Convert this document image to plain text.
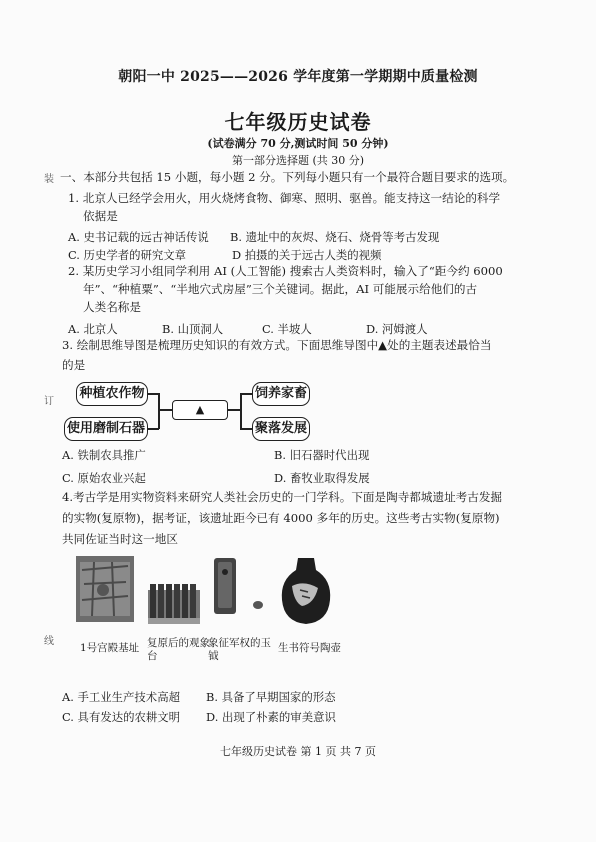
朝阳一中 2025——2026 学年度第一学期期中质量检测
七年级历史试卷
(试卷满分 70 分,测试时间 50 分钟)
第一部分选择题 (共 30 分)
装
订
线
一、本部分共包括 15 小题，每小题 2 分。下列每小题只有一个最符合题目要求的选项。
1. 北京人已经学会用火，用火烧烤食物、御寒、照明、驱兽。能支持这一结论的科学
依据是
A. 史书记载的远古神话传说 B. 遗址中的灰烬、烧石、烧骨等考古发现
C. 历史学者的研究文章	D 拍摄的关于远古人类的视频
2. 某历史学习小组同学利用 AI (人工智能) 搜索古人类资料时，输入了“距今约 6000
年”、“种植粟”、“半地穴式房屋”三个关键词。据此，AI 可能展示给他们的古
人类名称是
A. 北京人	B. 山顶洞人	C. 半坡人	D. 河姆渡人
3. 绘制思维导图是梳理历史知识的有效方式。下面思维导图中▲处的主题表述最恰当
的是
种植农作物
使用磨制石器
▲
饲养家畜
聚落发展
A. 铁制农具推广	B. 旧石器时代出现
C. 原始农业兴起	D. 畜牧业取得发展
4.考古学是用实物资料来研究人类社会历史的一门学科。下面是陶寺都城遗址考古发掘
的实物(复原物)，据考证，该遗址距今已有 4000 多年的历史。这些考古实物(复原物)
共同佐证当时这一地区
1号宫殿基址 复原后的观象
台
象征军权的玉
钺
生书符号陶壶
A. 手工业生产技术高超 B. 具备了早期国家的形态
C. 具有发达的农耕文明 D. 出现了朴素的审美意识
七年级历史试卷 第 1 页 共 7 页
